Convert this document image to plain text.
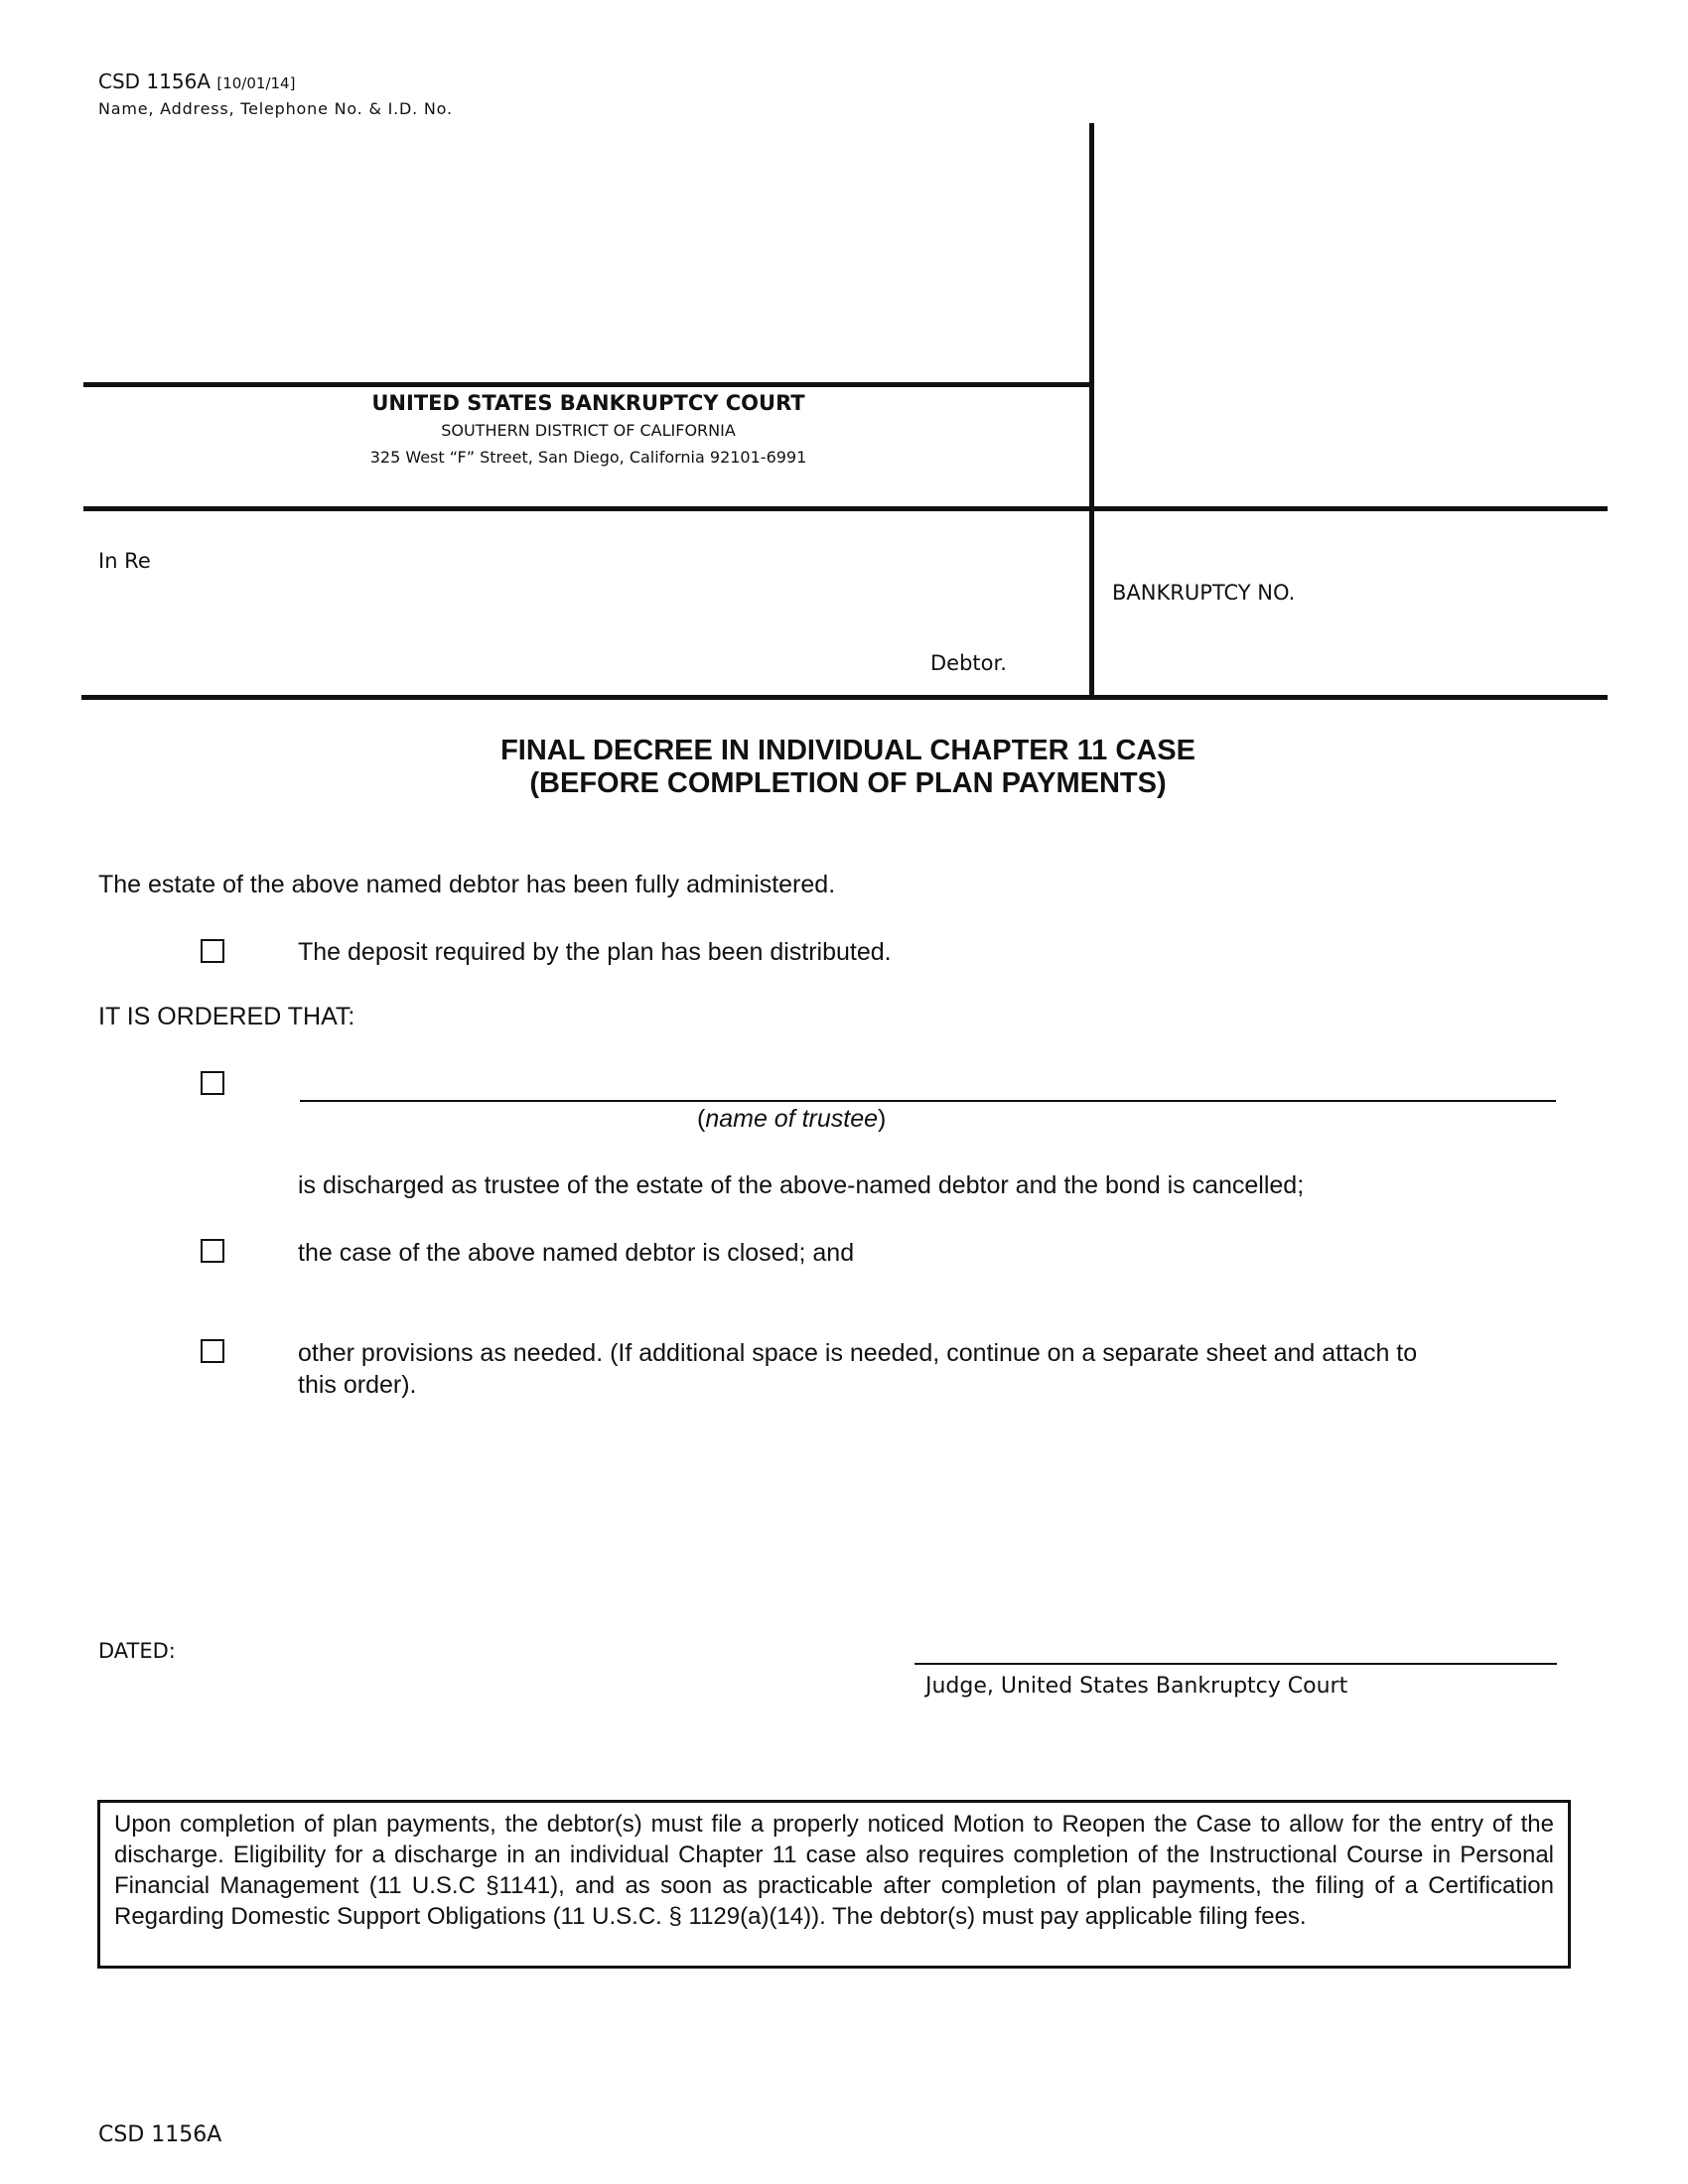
CSD 1156A [10/01/14]
Name, Address, Telephone No. & I.D. No.
UNITED STATES BANKRUPTCY COURT
SOUTHERN DISTRICT OF CALIFORNIA
325 West “F” Street, San Diego, California 92101-6991
In Re
Debtor.
BANKRUPTCY NO.
FINAL DECREE IN INDIVIDUAL CHAPTER 11 CASE
(BEFORE COMPLETION OF PLAN PAYMENTS)
The estate of the above named debtor has been fully administered.
The deposit required by the plan has been distributed.
IT IS ORDERED THAT:
(name of trustee)
is discharged as trustee of the estate of the above-named debtor and the bond is cancelled;
the case of the above named debtor is closed; and
other provisions as needed. (If additional space is needed, continue on a separate sheet and attach to
this order).
DATED:
Judge, United States Bankruptcy Court
Upon completion of plan payments, the debtor(s) must file a properly noticed Motion to Reopen the Case to allow for the entry of the discharge. Eligibility for a discharge in an individual Chapter 11 case also requires completion of the Instructional Course in Personal Financial Management (11 U.S.C §1141), and as soon as practicable after completion of plan payments, the filing of a Certification Regarding Domestic Support Obligations (11 U.S.C. § 1129(a)(14)). The debtor(s) must pay applicable filing fees.
CSD 1156A
